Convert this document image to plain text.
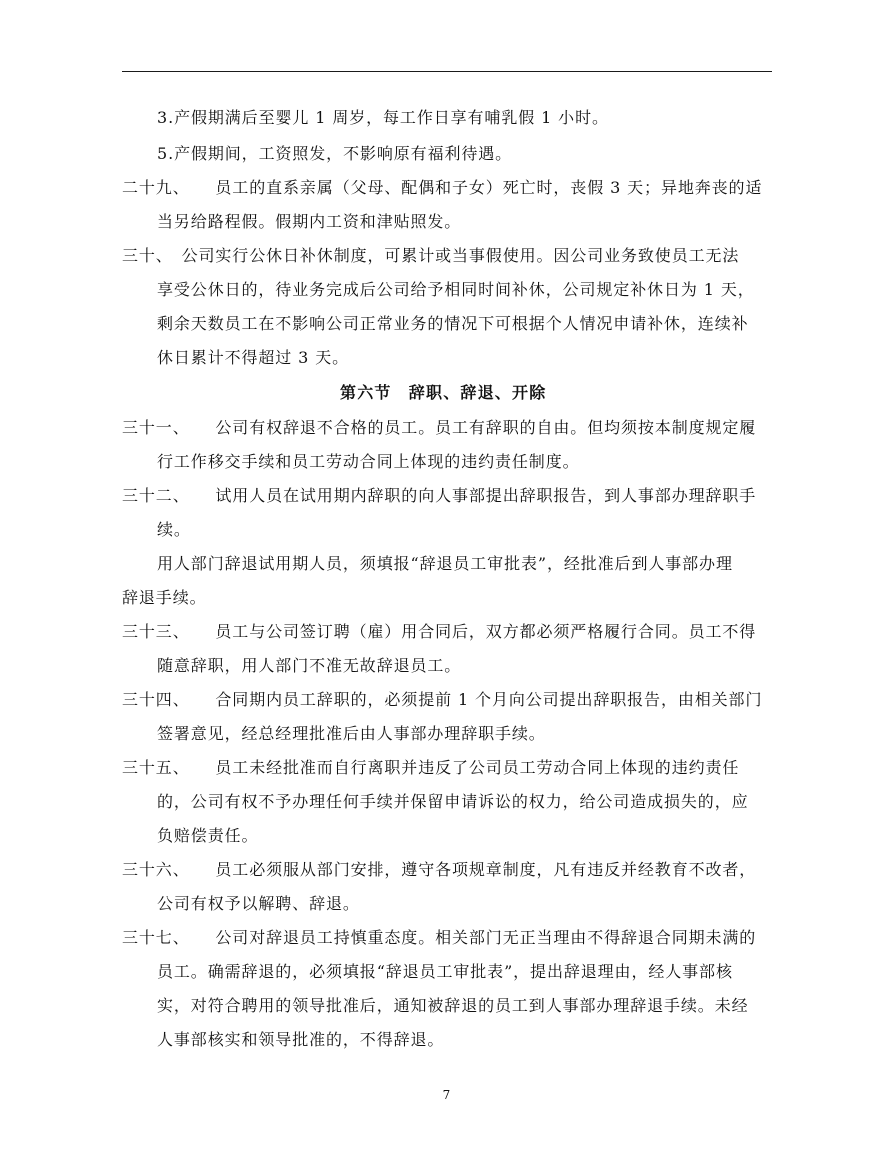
3.产假期满后至婴儿 1 周岁，每工作日享有哺乳假 1 小时。
5.产假期间，工资照发，不影响原有福利待遇。
二十九、　　员工的直系亲属（父母、配偶和子女）死亡时，丧假 3 天；异地奔丧的适
当另给路程假。假期内工资和津贴照发。
三十、　公司实行公休日补休制度，可累计或当事假使用。因公司业务致使员工无法
享受公休日的，待业务完成后公司给予相同时间补休，公司规定补休日为 1 天，
剩余天数员工在不影响公司正常业务的情况下可根据个人情况申请补休，连续补
休日累计不得超过 3 天。
第六节　辞职、辞退、开除
三十一、　　公司有权辞退不合格的员工。员工有辞职的自由。但均须按本制度规定履
行工作移交手续和员工劳动合同上体现的违约责任制度。
三十二、　　试用人员在试用期内辞职的向人事部提出辞职报告，到人事部办理辞职手
续。
用人部门辞退试用期人员，须填报“辞退员工审批表”，经批准后到人事部办理
辞退手续。
三十三、　　员工与公司签订聘（雇）用合同后，双方都必须严格履行合同。员工不得
随意辞职，用人部门不准无故辞退员工。
三十四、　　合同期内员工辞职的，必须提前 1 个月向公司提出辞职报告，由相关部门
签署意见，经总经理批准后由人事部办理辞职手续。
三十五、　　员工未经批准而自行离职并违反了公司员工劳动合同上体现的违约责任
的，公司有权不予办理任何手续并保留申请诉讼的权力，给公司造成损失的，应
负赔偿责任。
三十六、　　员工必须服从部门安排，遵守各项规章制度，凡有违反并经教育不改者，
公司有权予以解聘、辞退。
三十七、　　公司对辞退员工持慎重态度。相关部门无正当理由不得辞退合同期未满的
员工。确需辞退的，必须填报“辞退员工审批表”，提出辞退理由，经人事部核
实，对符合聘用的领导批准后，通知被辞退的员工到人事部办理辞退手续。未经
人事部核实和领导批准的，不得辞退。
7
